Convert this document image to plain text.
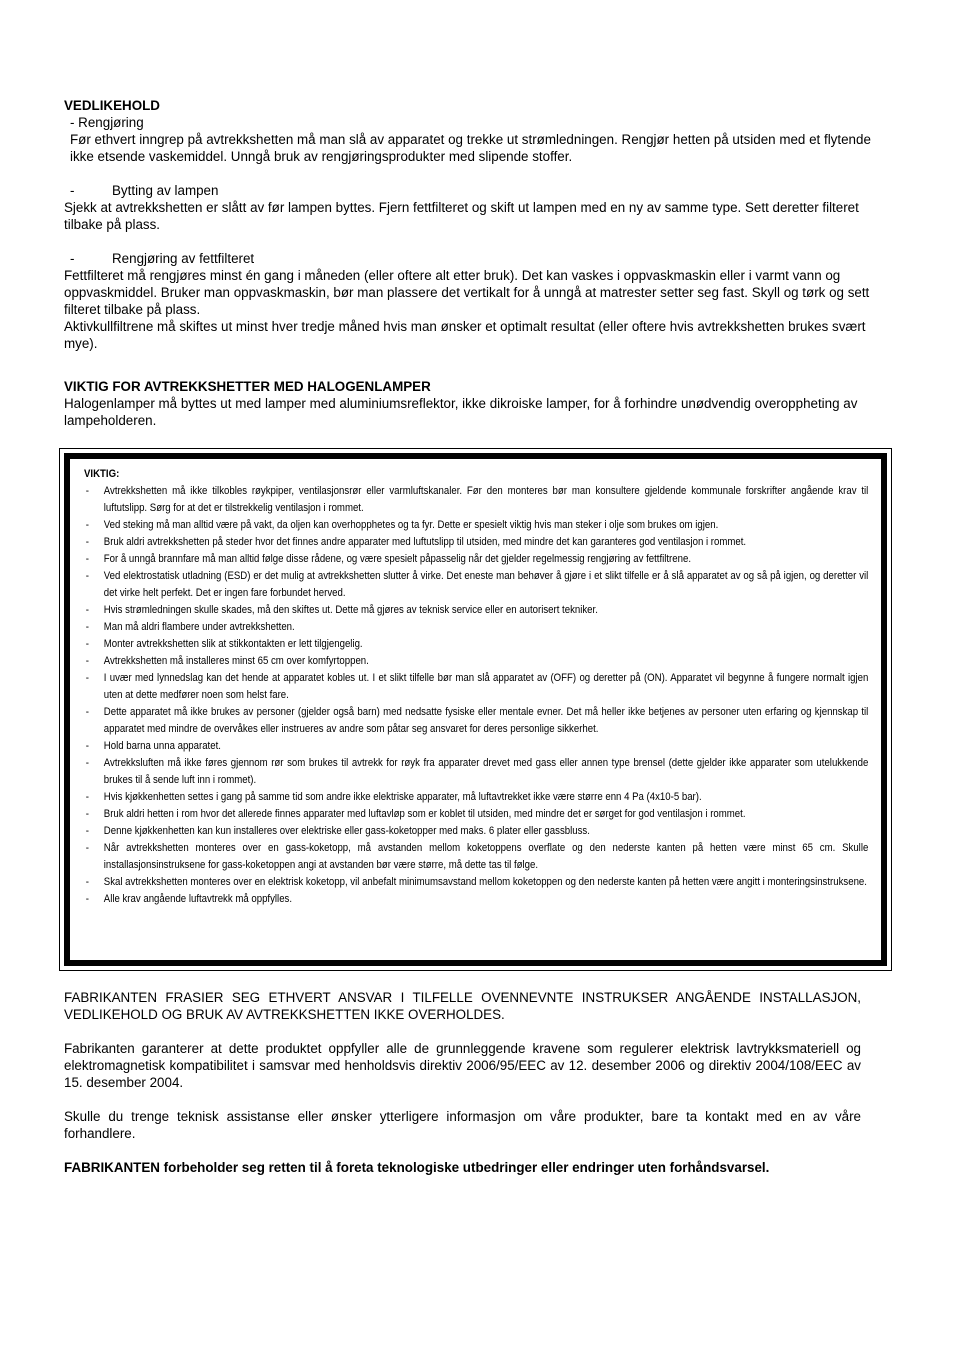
VEDLIKEHOLD

- Rengjøring

Før ethvert inngrep på avtrekkshetten må man slå av apparatet og trekke ut strømledningen. Rengjør hetten på utsiden med et flytende ikke etsende vaskemiddel. Unngå bruk av rengjøringsprodukter med slipende stoffer.

-	Bytting av lampen

Sjekk at avtrekkshetten er slått av før lampen byttes. Fjern fettfilteret og skift ut lampen med en ny av samme type. Sett deretter filteret tilbake på plass.

-	Rengjøring av fettfilteret

Fettfilteret må rengjøres minst én gang i måneden (eller oftere alt etter bruk). Det kan vaskes i oppvaskmaskin eller i varmt vann og oppvaskmiddel. Bruker man oppvaskmaskin, bør man plassere det vertikalt for å unngå at matrester setter seg fast. Skyll og tørk og sett filteret tilbake på plass.

Aktivkullfiltrene må skiftes ut minst hver tredje måned hvis man ønsker et optimalt resultat (eller oftere hvis avtrekkshetten brukes svært mye).

VIKTIG FOR AVTREKKSHETTER MED HALOGENLAMPER

Halogenlamper må byttes ut med lamper med aluminiumsreflektor, ikke dikroiske lamper, for å forhindre unødvendig overoppheting av lampeholderen.

VIKTIG:

- Avtrekkshetten må ikke tilkobles røykpiper, ventilasjonsrør eller varmluftskanaler. Før den monteres bør man konsultere gjeldende kommunale forskrifter angående krav til luftutslipp. Sørg for at det er tilstrekkelig ventilasjon i rommet.
- Ved steking må man alltid være på vakt, da oljen kan overhopphetes og ta fyr. Dette er spesielt viktig hvis man steker i olje som brukes om igjen.
- Bruk aldri avtrekkshetten på steder hvor det finnes andre apparater med luftutslipp til utsiden, med mindre det kan garanteres god ventilasjon i rommet.
- For å unngå brannfare må man alltid følge disse rådene, og være spesielt påpasselig når det gjelder regelmessig rengjøring av fettfiltrene.
- Ved elektrostatisk utladning (ESD) er det mulig at avtrekkshetten slutter å virke. Det eneste man behøver å gjøre i et slikt tilfelle er å slå apparatet av og så på igjen, og deretter vil det virke helt perfekt. Det er ingen fare forbundet herved.
- Hvis strømledningen skulle skades, må den skiftes ut. Dette må gjøres av teknisk service eller en autorisert tekniker.
- Man må aldri flambere under avtrekkshetten.
- Monter avtrekkshetten slik at stikkontakten er lett tilgjengelig.
- Avtrekkshetten må installeres minst 65 cm over komfyrtoppen.
- I uvær med lynnedslag kan det hende at apparatet kobles ut. I et slikt tilfelle bør man slå apparatet av (OFF) og deretter på (ON). Apparatet vil begynne å fungere normalt igjen uten at dette medfører noen som helst fare.
- Dette apparatet må ikke brukes av personer (gjelder også barn) med nedsatte fysiske eller mentale evner. Det må heller ikke betjenes av personer uten erfaring og kjennskap til apparatet med mindre de overvåkes eller instrueres av andre som påtar seg ansvaret for deres personlige sikkerhet.
- Hold barna unna apparatet.
- Avtrekksluften må ikke føres gjennom rør som brukes til avtrekk for røyk fra apparater drevet med gass eller annen type brensel (dette gjelder ikke apparater som utelukkende brukes til å sende luft inn i rommet).
- Hvis kjøkkenhetten settes i gang på samme tid som andre ikke elektriske apparater, må luftavtrekket ikke være større enn 4 Pa (4x10-5 bar).
- Bruk aldri hetten i rom hvor det allerede finnes apparater med luftavløp som er koblet til utsiden, med mindre det er sørget for god ventilasjon i rommet.
- Denne kjøkkenhetten kan kun installeres over elektriske eller gass-koketopper med maks. 6 plater eller gassbluss.
- Når avtrekkshetten monteres over en gass-koketopp, må avstanden mellom koketoppens overflate og den nederste kanten på hetten være minst 65 cm. Skulle installasjonsinstruksene for gass-koketoppen angi at avstanden bør være større, må dette tas til følge.
- Skal avtrekkshetten monteres over en elektrisk koketopp, vil anbefalt minimumsavstand mellom koketoppen og den nederste kanten på hetten være angitt i monteringsinstruksene.
- Alle krav angående luftavtrekk må oppfylles.

FABRIKANTEN FRASIER SEG ETHVERT ANSVAR I TILFELLE OVENNEVNTE INSTRUKSER ANGÅENDE INSTALLASJON, VEDLIKEHOLD OG BRUK AV AVTREKKSHETTEN IKKE OVERHOLDES.

Fabrikanten garanterer at dette produktet oppfyller alle de grunnleggende kravene som regulerer elektrisk lavtrykksmateriell og elektromagnetisk kompatibilitet i samsvar med henholdsvis direktiv 2006/95/EEC av 12. desember 2006 og direktiv 2004/108/EEC av 15. desember 2004.

Skulle du trenge teknisk assistanse eller ønsker ytterligere informasjon om våre produkter, bare ta kontakt med en av våre forhandlere.

FABRIKANTEN forbeholder seg retten til å foreta teknologiske utbedringer eller endringer uten forhåndsvarsel.
